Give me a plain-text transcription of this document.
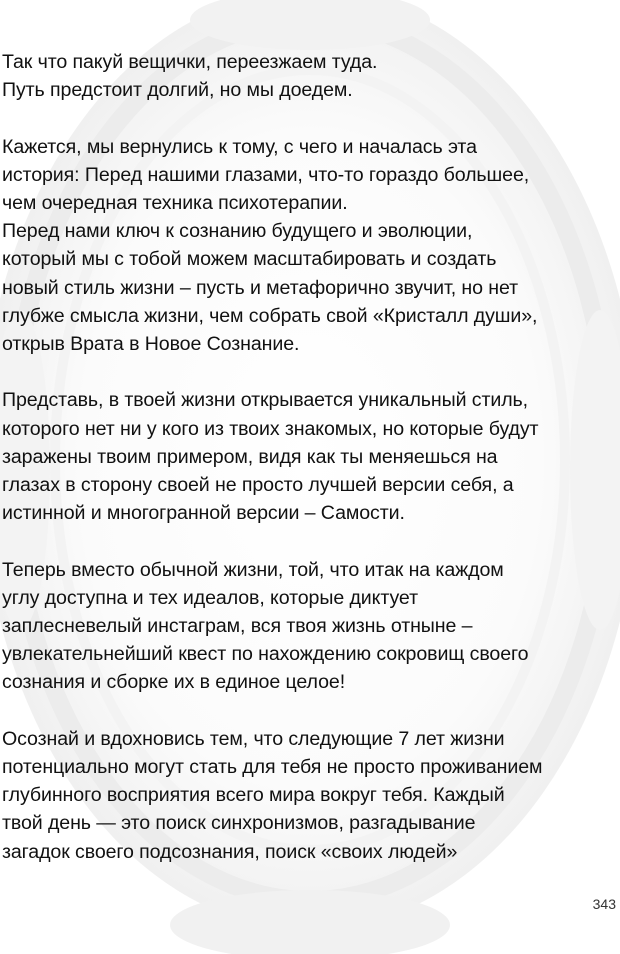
Так что пакуй вещички, переезжаем туда.
Путь предстоит долгий, но мы доедем.
Кажется, мы вернулись к тому, с чего и началась эта
история: Перед нашими глазами, что-то гораздо большее,
чем очередная техника психотерапии.
Перед нами ключ к сознанию будущего и эволюции,
который мы с тобой можем масштабировать и создать
новый стиль жизни – пусть и метафорично звучит, но нет
глубже смысла жизни, чем собрать свой «Кристалл души»,
открыв Врата в Новое Сознание.
Представь, в твоей жизни открывается уникальный стиль,
которого нет ни у кого из твоих знакомых, но которые будут
заражены твоим примером, видя как ты меняешься на
глазах в сторону своей не просто лучшей версии себя, а
истинной и многогранной версии – Самости.
Теперь вместо обычной жизни, той, что итак на каждом
углу доступна и тех идеалов, которые диктует
заплесневелый инстаграм, вся твоя жизнь отныне –
увлекательнейший квест по нахождению сокровищ своего
сознания и сборке их в единое целое!
Осознай и вдохновись тем, что следующие 7 лет жизни
потенциально могут стать для тебя не просто проживанием
глубинного восприятия всего мира вокруг тебя. Каждый
твой день — это поиск синхронизмов, разгадывание
загадок своего подсознания, поиск «своих людей»
343
